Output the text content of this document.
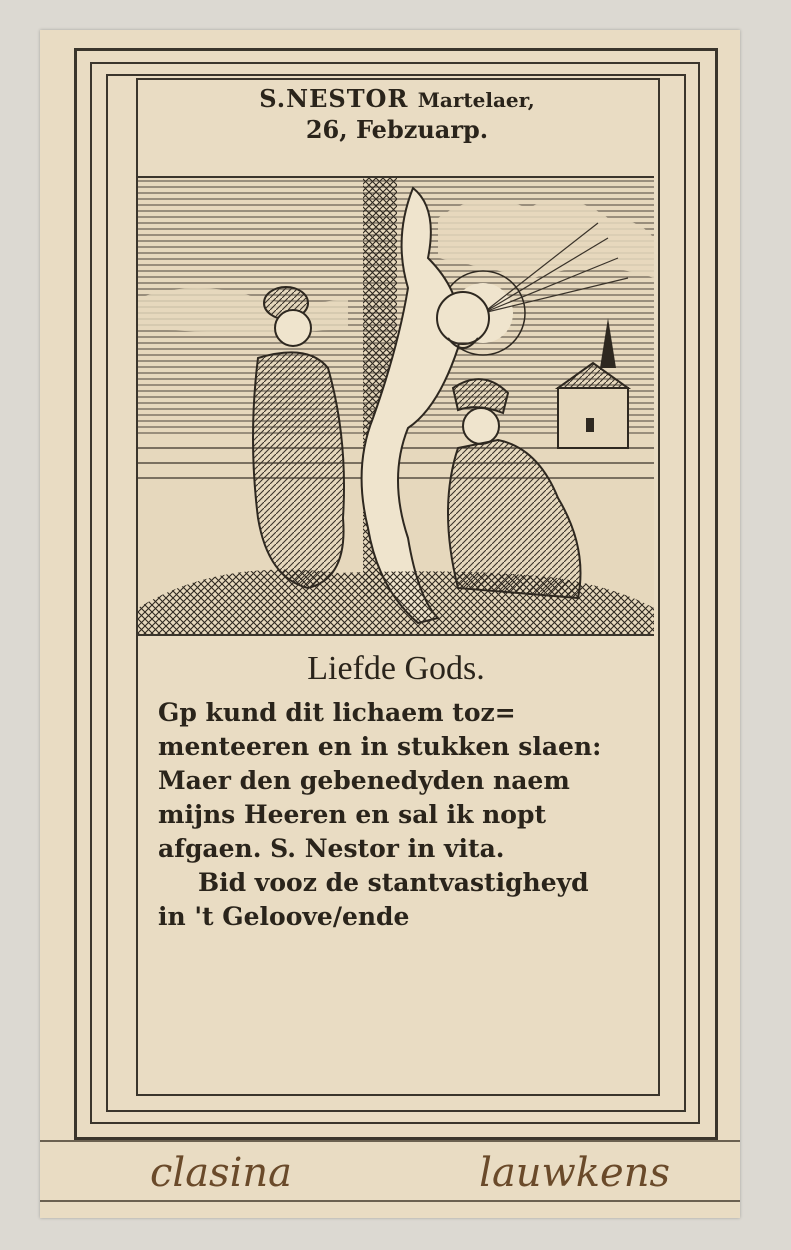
S.NESTOR Martelaer,
26, Febzuarp.
Liefde Gods.
Gp kund dit lichaem toz=
menteeren en in stukken slaen:
Maer den gebenedyden naem
mijns Heeren en sal ik nopt
afgaen. S. Nestor in vita.
Bid vooz de stantvastigheyd
in 't Geloove/ende
clasina	lauwkens
